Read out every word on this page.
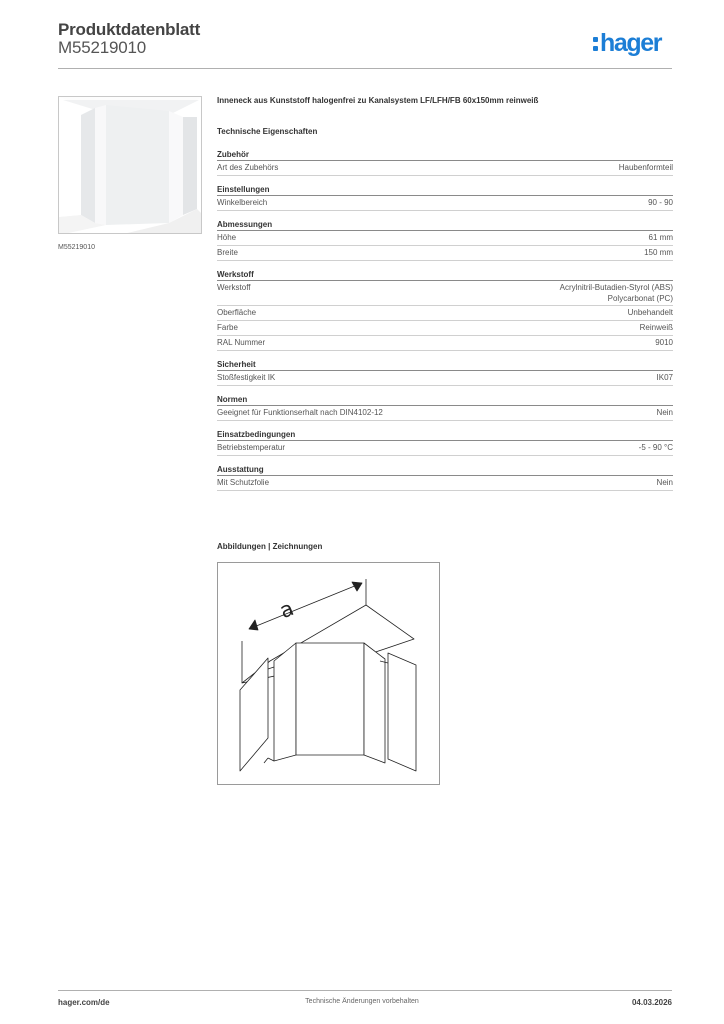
Produktdatenblatt
M55219010	hager
M55219010
Inneneck aus Kunststoff halogenfrei zu Kanalsystem LF/LFH/FB 60x150mm reinweiß
Technische Eigenschaften
Zubehör
Art des Zubehörs	Haubenformteil
Einstellungen
Winkelbereich	90 - 90
Abmessungen
Höhe	61 mm
Breite	150 mm
Werkstoff
Werkstoff	Acrylnitril-Butadien-Styrol (ABS)
Polycarbonat (PC)
Oberfläche	Unbehandelt
Farbe	Reinweiß
RAL Nummer	9010
Sicherheit
Stoßfestigkeit IK	IK07
Normen
Geeignet für Funktionserhalt nach DIN4102-12	Nein
Einsatzbedingungen
Betriebstemperatur	-5 - 90 °C
Ausstattung
Mit Schutzfolie	Nein
Abbildungen | Zeichnungen
a
hager.com/de	Technische Änderungen vorbehalten	04.03.2026
